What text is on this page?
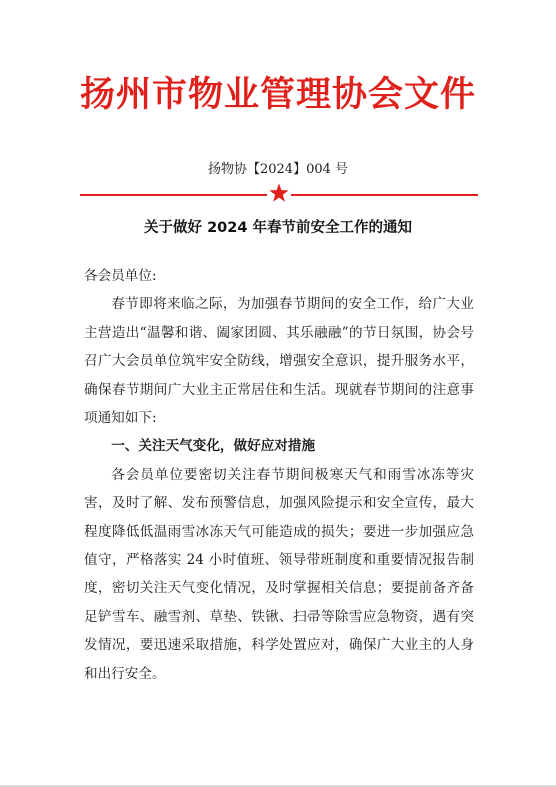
扬州市物业管理协会文件
扬物协【2024】004 号
关于做好 2024 年春节前安全工作的通知

各会员单位:

春节即将来临之际，为加强春节期间的安全工作，给广大业主营造出“温馨和谐、阖家团圆、其乐融融”的节日氛围，协会号召广大会员单位筑牢安全防线，增强安全意识，提升服务水平，确保春节期间广大业主正常居住和生活。现就春节期间的注意事项通知如下:

一、关注天气变化，做好应对措施

各会员单位要密切关注春节期间极寒天气和雨雪冰冻等灾害，及时了解、发布预警信息，加强风险提示和安全宣传，最大程度降低低温雨雪冰冻天气可能造成的损失；要进一步加强应急值守，严格落实 24 小时值班、领导带班制度和重要情况报告制度，密切关注天气变化情况，及时掌握相关信息；要提前备齐备足铲雪车、融雪剂、草垫、铁锹、扫帚等除雪应急物资，遇有突发情况，要迅速采取措施，科学处置应对，确保广大业主的人身和出行安全。
